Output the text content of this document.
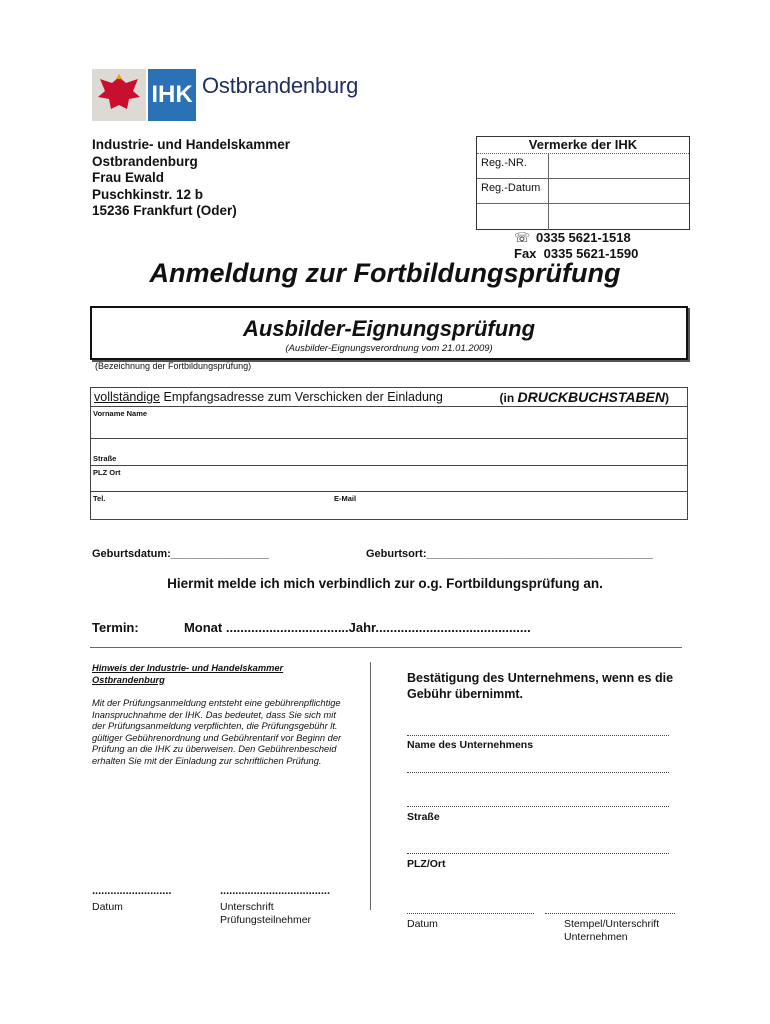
IHK Ostbrandenburg
Industrie- und Handelskammer
Ostbrandenburg
Frau Ewald
Puschkinstr. 12 b
15236 Frankfurt (Oder)
Vermerke der IHK
Reg.-NR.
Reg.-Datum
☏ 0335 5621-1518
Fax 0335 5621-1590
Anmeldung zur Fortbildungsprüfung
Ausbilder-Eignungsprüfung
(Ausbilder-Eignungsverordnung vom 21.01.2009)
(Bezeichnung der Fortbildungsprüfung)
vollständige Empfangsadresse zum Verschicken der Einladung	(in DRUCKBUCHSTABEN)
Vorname Name
Straße
PLZ Ort
Tel.	E-Mail
Geburtsdatum:________________	Geburtsort:_____________________________________
Hiermit melde ich mich verbindlich zur o.g. Fortbildungsprüfung an.
Termin:	Monat ..................................Jahr...........................................

Hinweis der Industrie- und Handelskammer Ostbrandenburg

Mit der Prüfungsanmeldung entsteht eine gebührenpflichtige Inanspruchnahme der IHK. Das bedeutet, dass Sie sich mit der Prüfungsanmeldung verpflichten, die Prüfungsgebühr lt. gültiger Gebührenordnung und Gebührentarif vor Beginn der Prüfung an die IHK zu überweisen. Den Gebührenbescheid erhalten Sie mit der Einladung zur schriftlichen Prüfung.

..........................	....................................
Datum	Unterschrift
Prüfungsteilnehmer
Bestätigung des Unternehmens, wenn es die Gebühr übernimmt.
Name des Unternehmens
Straße
PLZ/Ort
Datum	Stempel/Unterschrift
Unternehmen
